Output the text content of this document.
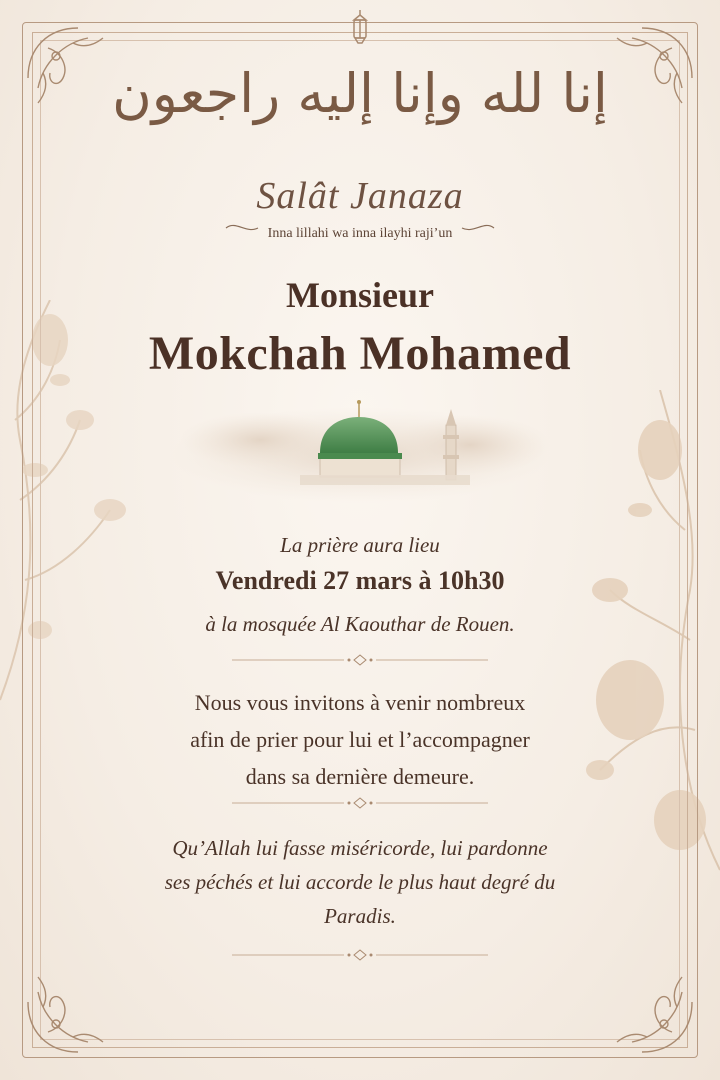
إنا لله وإنا إليه راجعون
Salât Janaza
Inna lillahi wa inna ilayhi raji’un
Monsieur
Mokchah Mohamed
La prière aura lieu
Vendredi 27 mars à 10h30
à la mosquée Al Kaouthar de Rouen.
Nous vous invitons à venir nombreux
afin de prier pour lui et l’accompagner
dans sa dernière demeure.
Qu’Allah lui fasse miséricorde, lui pardonne
ses péchés et lui accorde le plus haut degré du
Paradis.
